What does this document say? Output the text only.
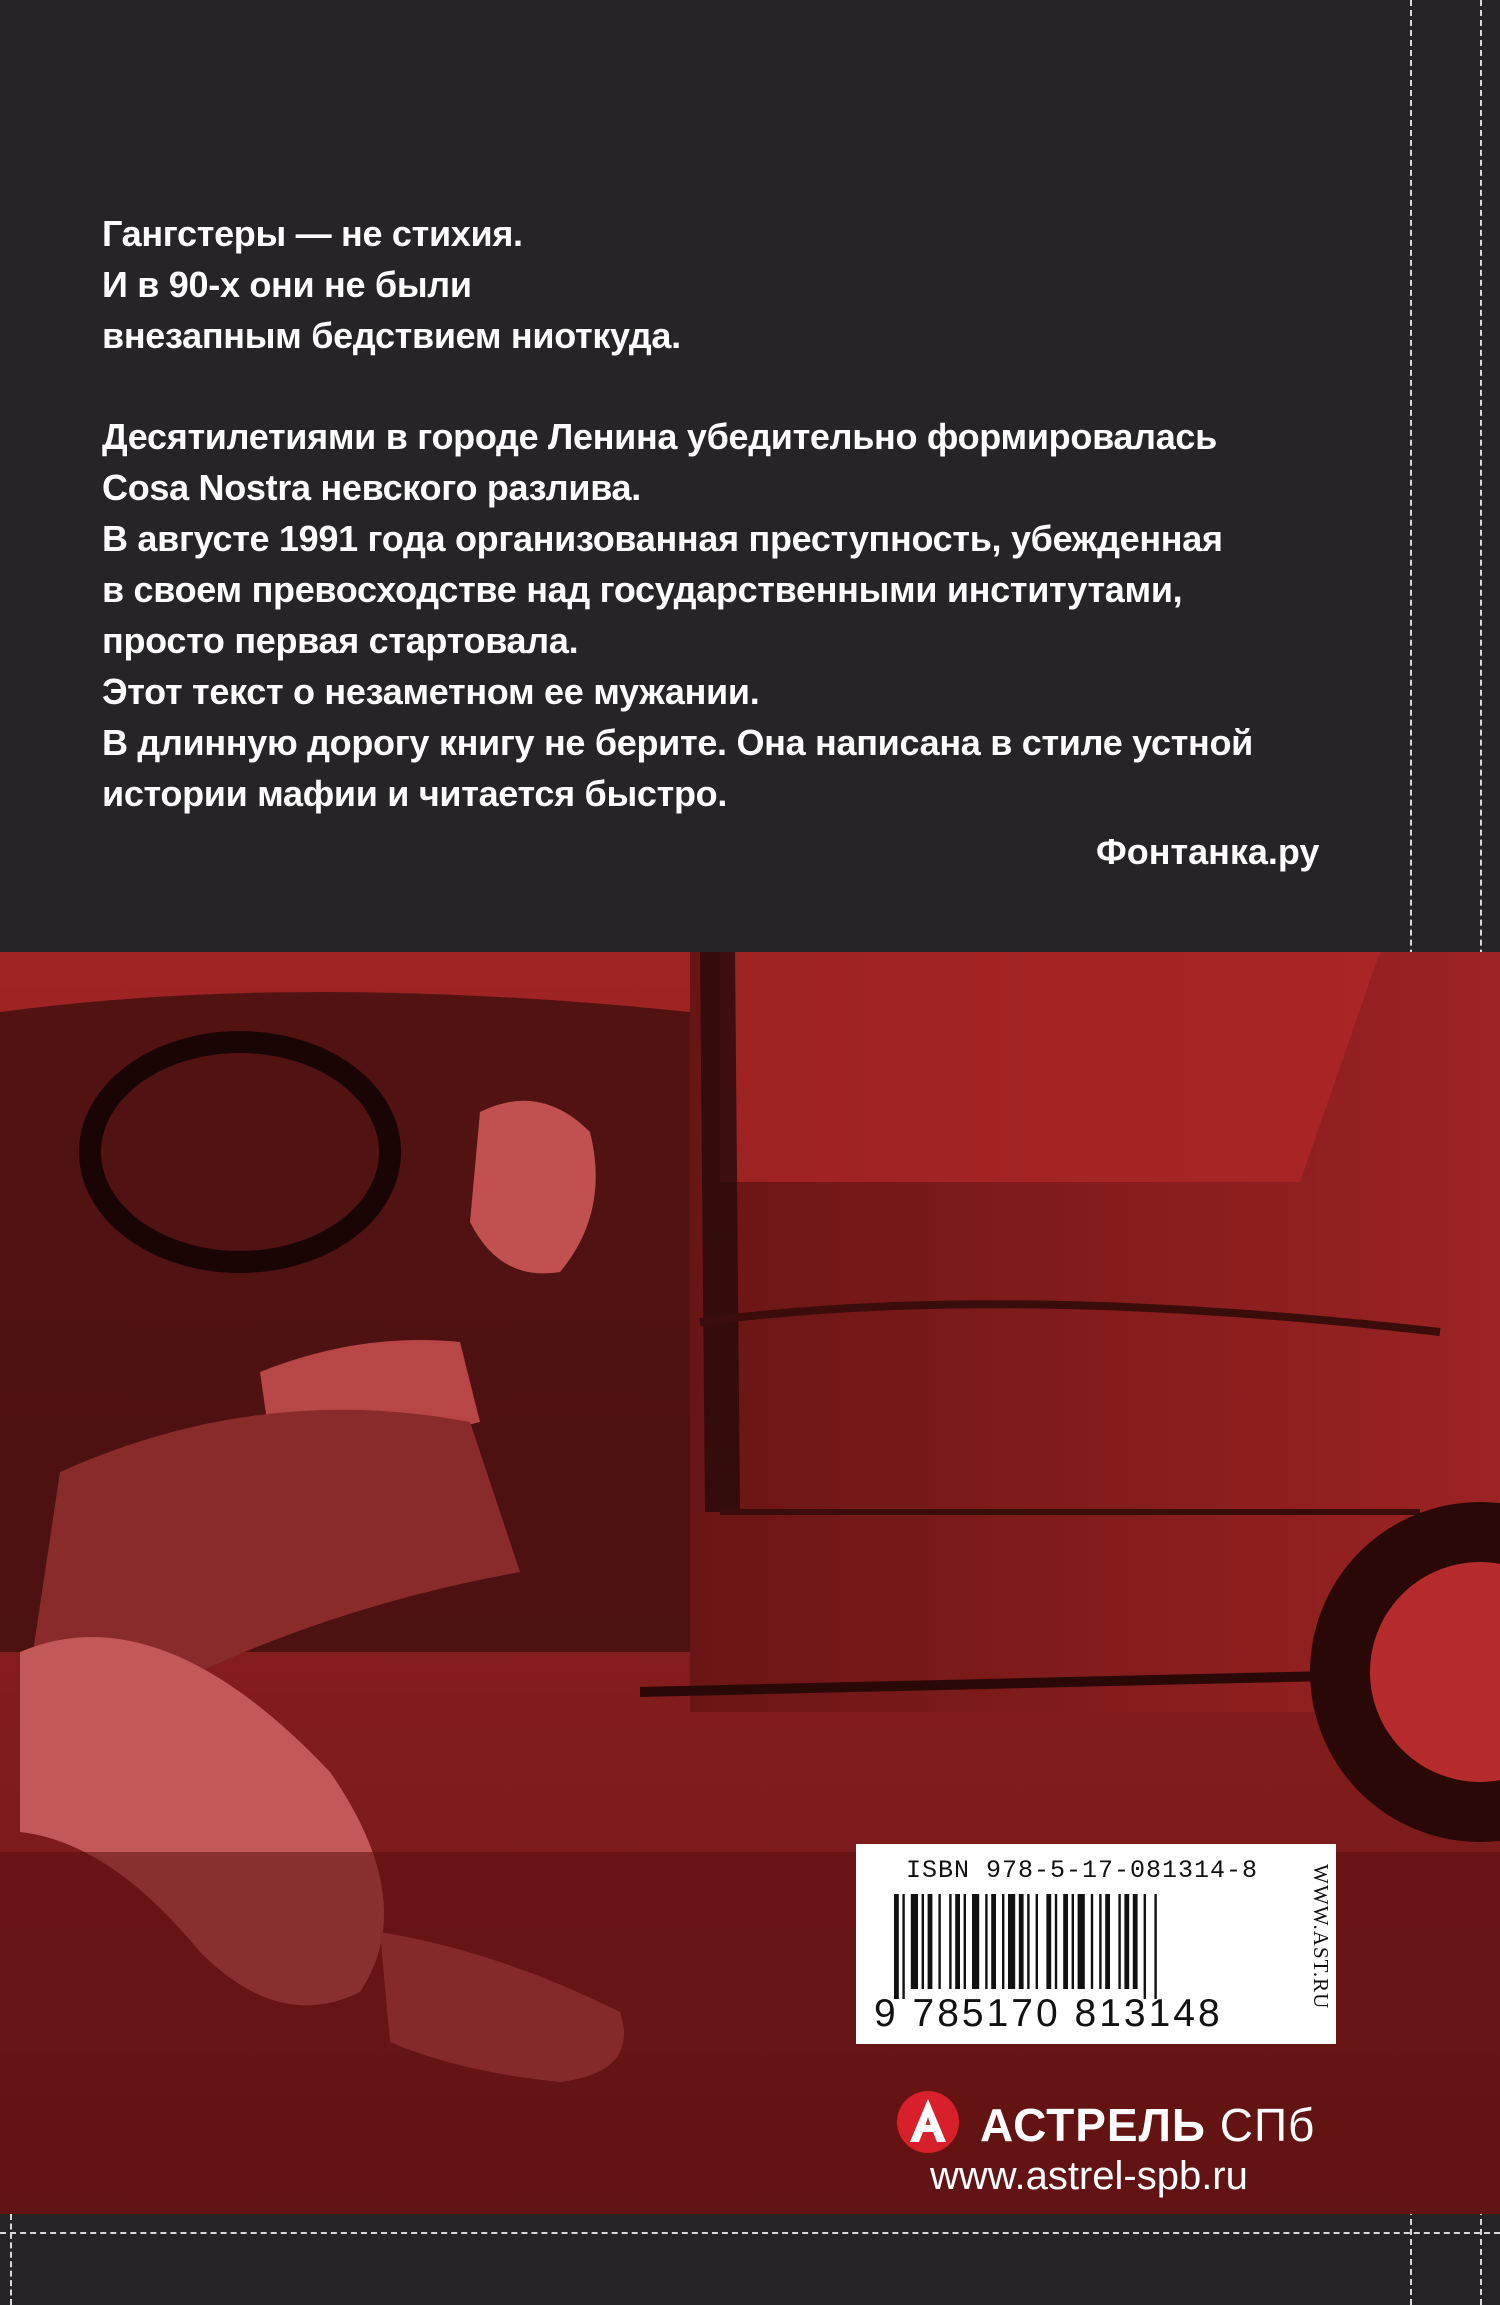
Гангстеры — не стихия.
И в 90-х они не были
внезапным бедствием ниоткуда.
Десятилетиями в городе Ленина убедительно формировалась
Cosa Nostra невского разлива.
В августе 1991 года организованная преступность, убежденная
в своем превосходстве над государственными институтами,
просто первая стартовала.
Этот текст о незаметном ее мужании.
В длинную дорогу книгу не берите. Она написана в стиле устной
истории мафии и читается быстро.
Фонтанка.ру
ISBN 978-5-17-081314-8
9 785170 813148
WWW.AST.RU
АСТРЕЛЬ СПб
www.astrel-spb.ru
